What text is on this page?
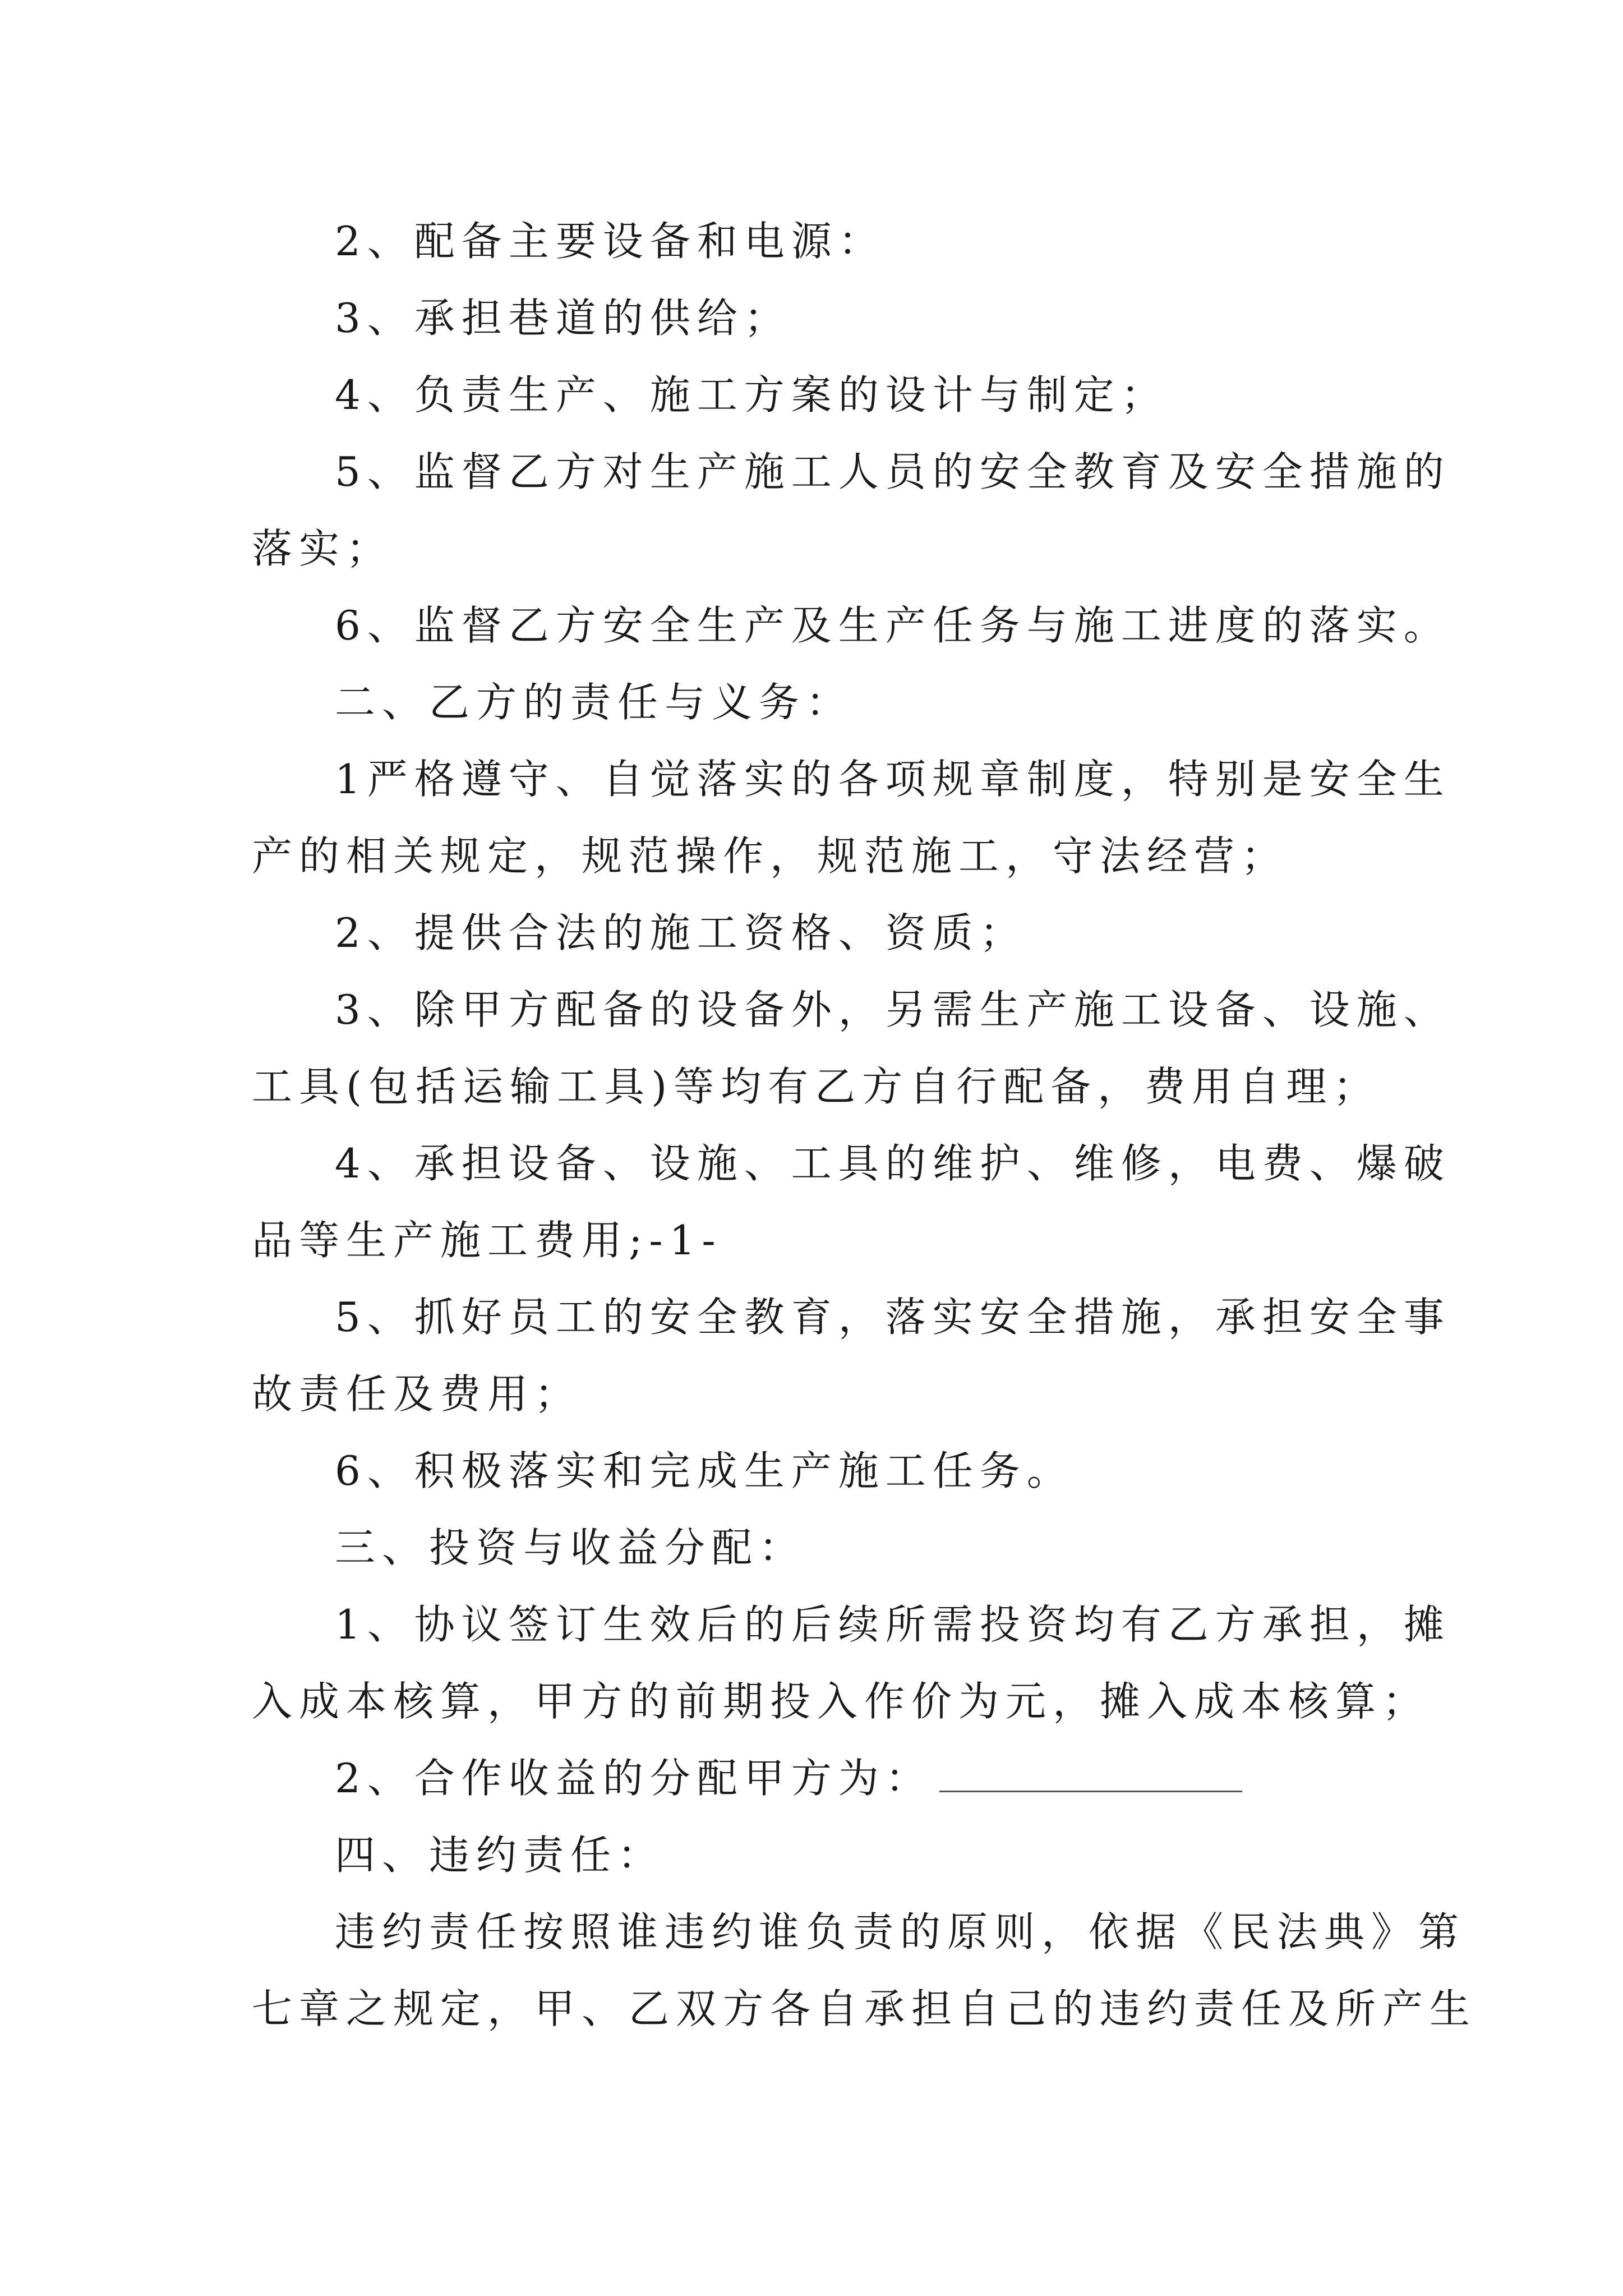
2、配备主要设备和电源：
3、承担巷道的供给；
4、负责生产、施工方案的设计与制定；
5、监督乙方对生产施工人员的安全教育及安全措施的
落实；
6、监督乙方安全生产及生产任务与施工进度的落实。
二、乙方的责任与义务：
1严格遵守、自觉落实的各项规章制度，特别是安全生
产的相关规定，规范操作，规范施工，守法经营；
2、提供合法的施工资格、资质；
3、除甲方配备的设备外，另需生产施工设备、设施、
工具(包括运输工具)等均有乙方自行配备，费用自理；
4、承担设备、设施、工具的维护、维修，电费、爆破
品等生产施工费用;-1-
5、抓好员工的安全教育，落实安全措施，承担安全事
故责任及费用；
6、积极落实和完成生产施工任务。
三、投资与收益分配：
1、协议签订生效后的后续所需投资均有乙方承担，摊
入成本核算，甲方的前期投入作价为元，摊入成本核算；
2、合作收益的分配甲方为：
四、违约责任：
违约责任按照谁违约谁负责的原则，依据《民法典》第
七章之规定，甲、乙双方各自承担自己的违约责任及所产生
